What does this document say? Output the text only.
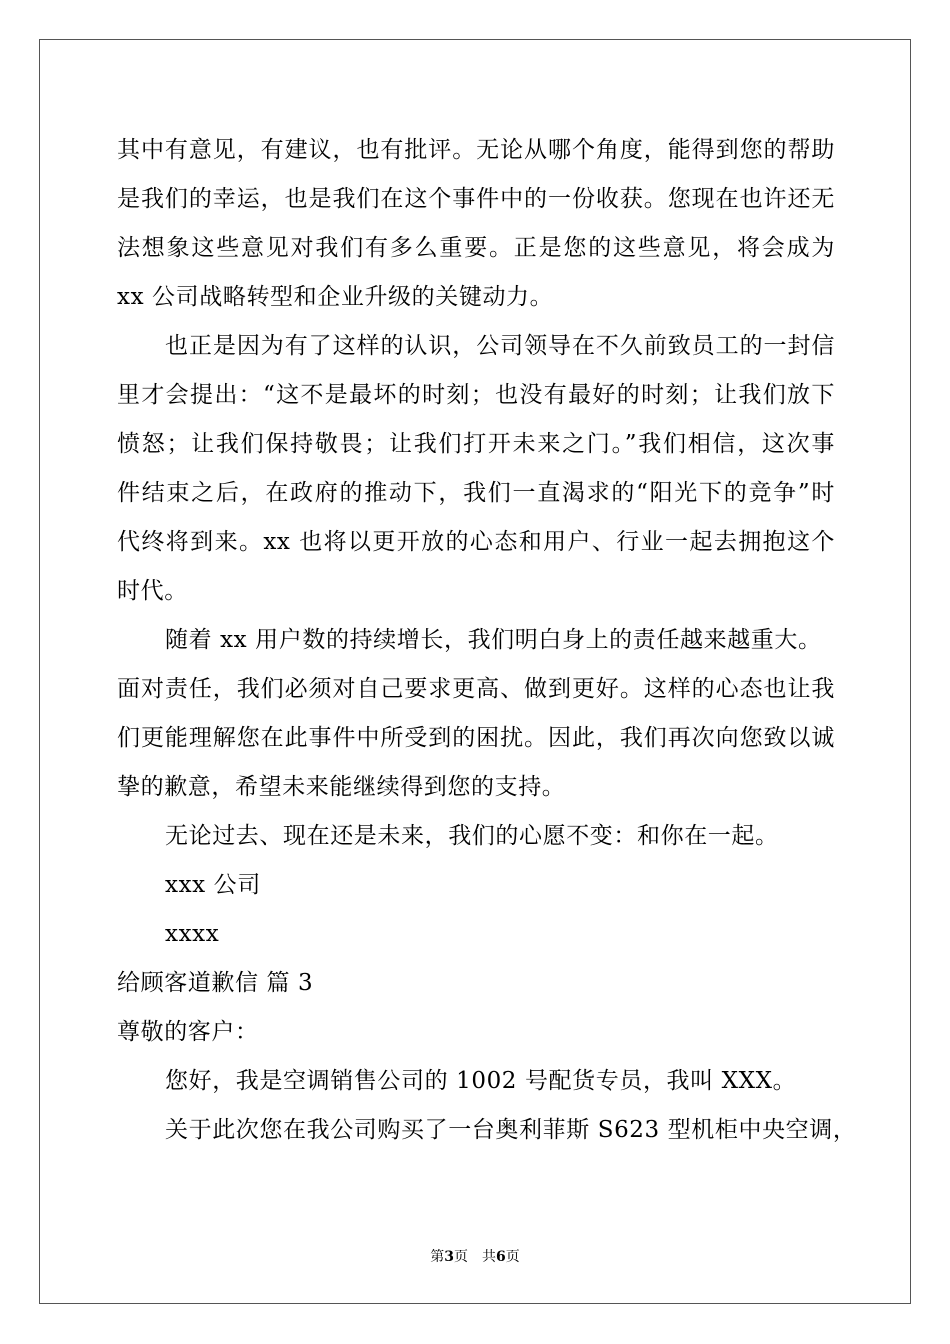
其中有意见，有建议，也有批评。无论从哪个角度，能得到您的帮助
是我们的幸运，也是我们在这个事件中的一份收获。您现在也许还无
法想象这些意见对我们有多么重要。正是您的这些意见，将会成为
xx 公司战略转型和企业升级的关键动力。
也正是因为有了这样的认识，公司领导在不久前致员工的一封信
里才会提出：“这不是最坏的时刻；也没有最好的时刻；让我们放下
愤怒；让我们保持敬畏；让我们打开未来之门。”我们相信，这次事
件结束之后，在政府的推动下，我们一直渴求的“阳光下的竞争”时
代终将到来。xx 也将以更开放的心态和用户、行业一起去拥抱这个
时代。
随着 xx 用户数的持续增长，我们明白身上的责任越来越重大。
面对责任，我们必须对自己要求更高、做到更好。这样的心态也让我
们更能理解您在此事件中所受到的困扰。因此，我们再次向您致以诚
挚的歉意，希望未来能继续得到您的支持。
无论过去、现在还是未来，我们的心愿不变：和你在一起。
xxx 公司
xxxx
给顾客道歉信 篇 3
尊敬的客户：
您好，我是空调销售公司的 1002 号配货专员，我叫 XXX。
关于此次您在我公司购买了一台奥利菲斯 S623 型机柜中央空调，
第3页　共6页
